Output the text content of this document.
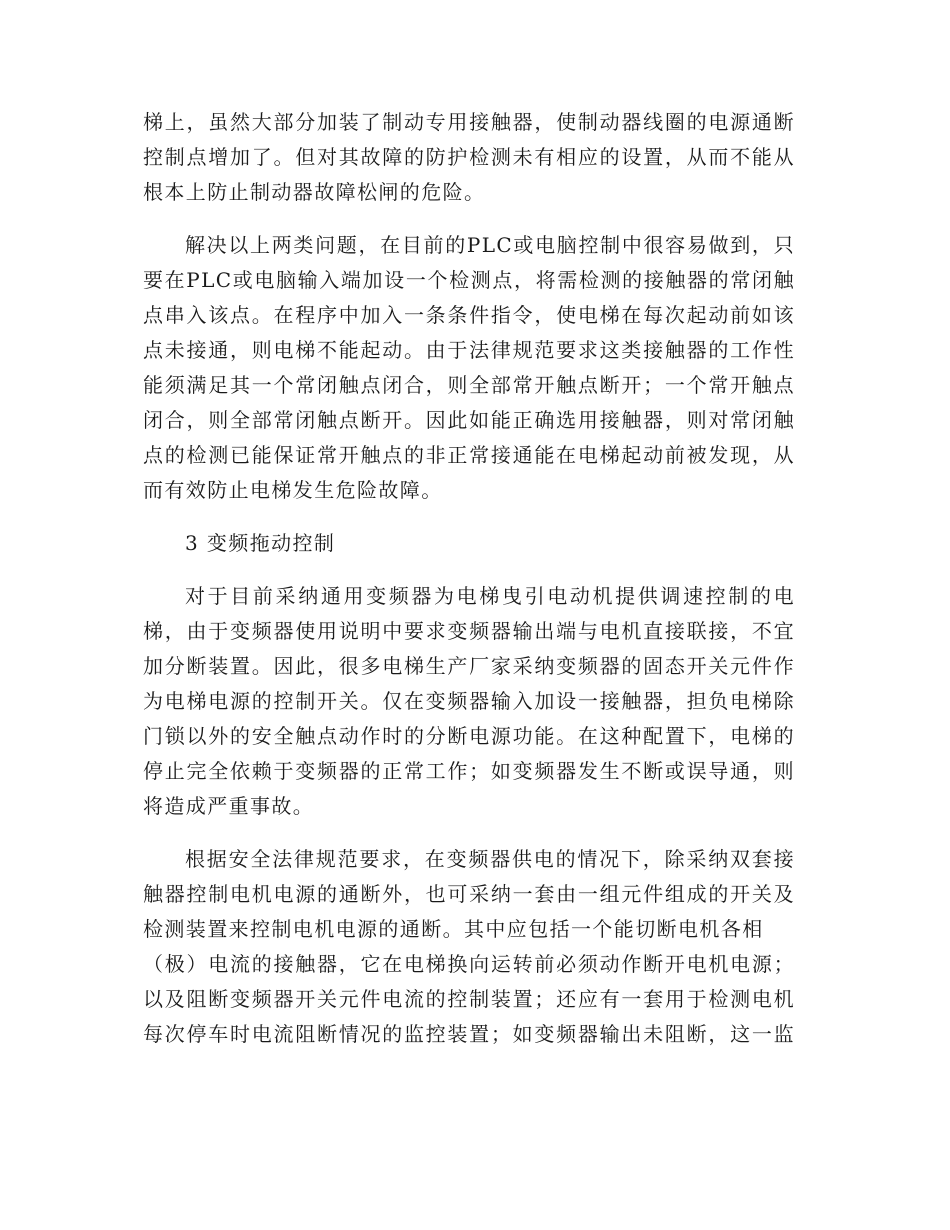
梯上，虽然大部分加装了制动专用接触器，使制动器线圈的电源通断
控制点增加了。但对其故障的防护检测未有相应的设置，从而不能从
根本上防止制动器故障松闸的危险。
解决以上两类问题，在目前的PLC或电脑控制中很容易做到，只
要在PLC或电脑输入端加设一个检测点，将需检测的接触器的常闭触
点串入该点。在程序中加入一条条件指令，使电梯在每次起动前如该
点未接通，则电梯不能起动。由于法律规范要求这类接触器的工作性
能须满足其一个常闭触点闭合，则全部常开触点断开；一个常开触点
闭合，则全部常闭触点断开。因此如能正确选用接触器，则对常闭触
点的检测已能保证常开触点的非正常接通能在电梯起动前被发现，从
而有效防止电梯发生危险故障。
3 变频拖动控制
对于目前采纳通用变频器为电梯曳引电动机提供调速控制的电
梯，由于变频器使用说明中要求变频器输出端与电机直接联接，不宜
加分断装置。因此，很多电梯生产厂家采纳变频器的固态开关元件作
为电梯电源的控制开关。仅在变频器输入加设一接触器，担负电梯除
门锁以外的安全触点动作时的分断电源功能。在这种配置下，电梯的
停止完全依赖于变频器的正常工作；如变频器发生不断或误导通，则
将造成严重事故。
根据安全法律规范要求，在变频器供电的情况下，除采纳双套接
触器控制电机电源的通断外，也可采纳一套由一组元件组成的开关及
检测装置来控制电机电源的通断。其中应包括一个能切断电机各相
（极）电流的接触器，它在电梯换向运转前必须动作断开电机电源；
以及阻断变频器开关元件电流的控制装置；还应有一套用于检测电机
每次停车时电流阻断情况的监控装置；如变频器输出未阻断，这一监
